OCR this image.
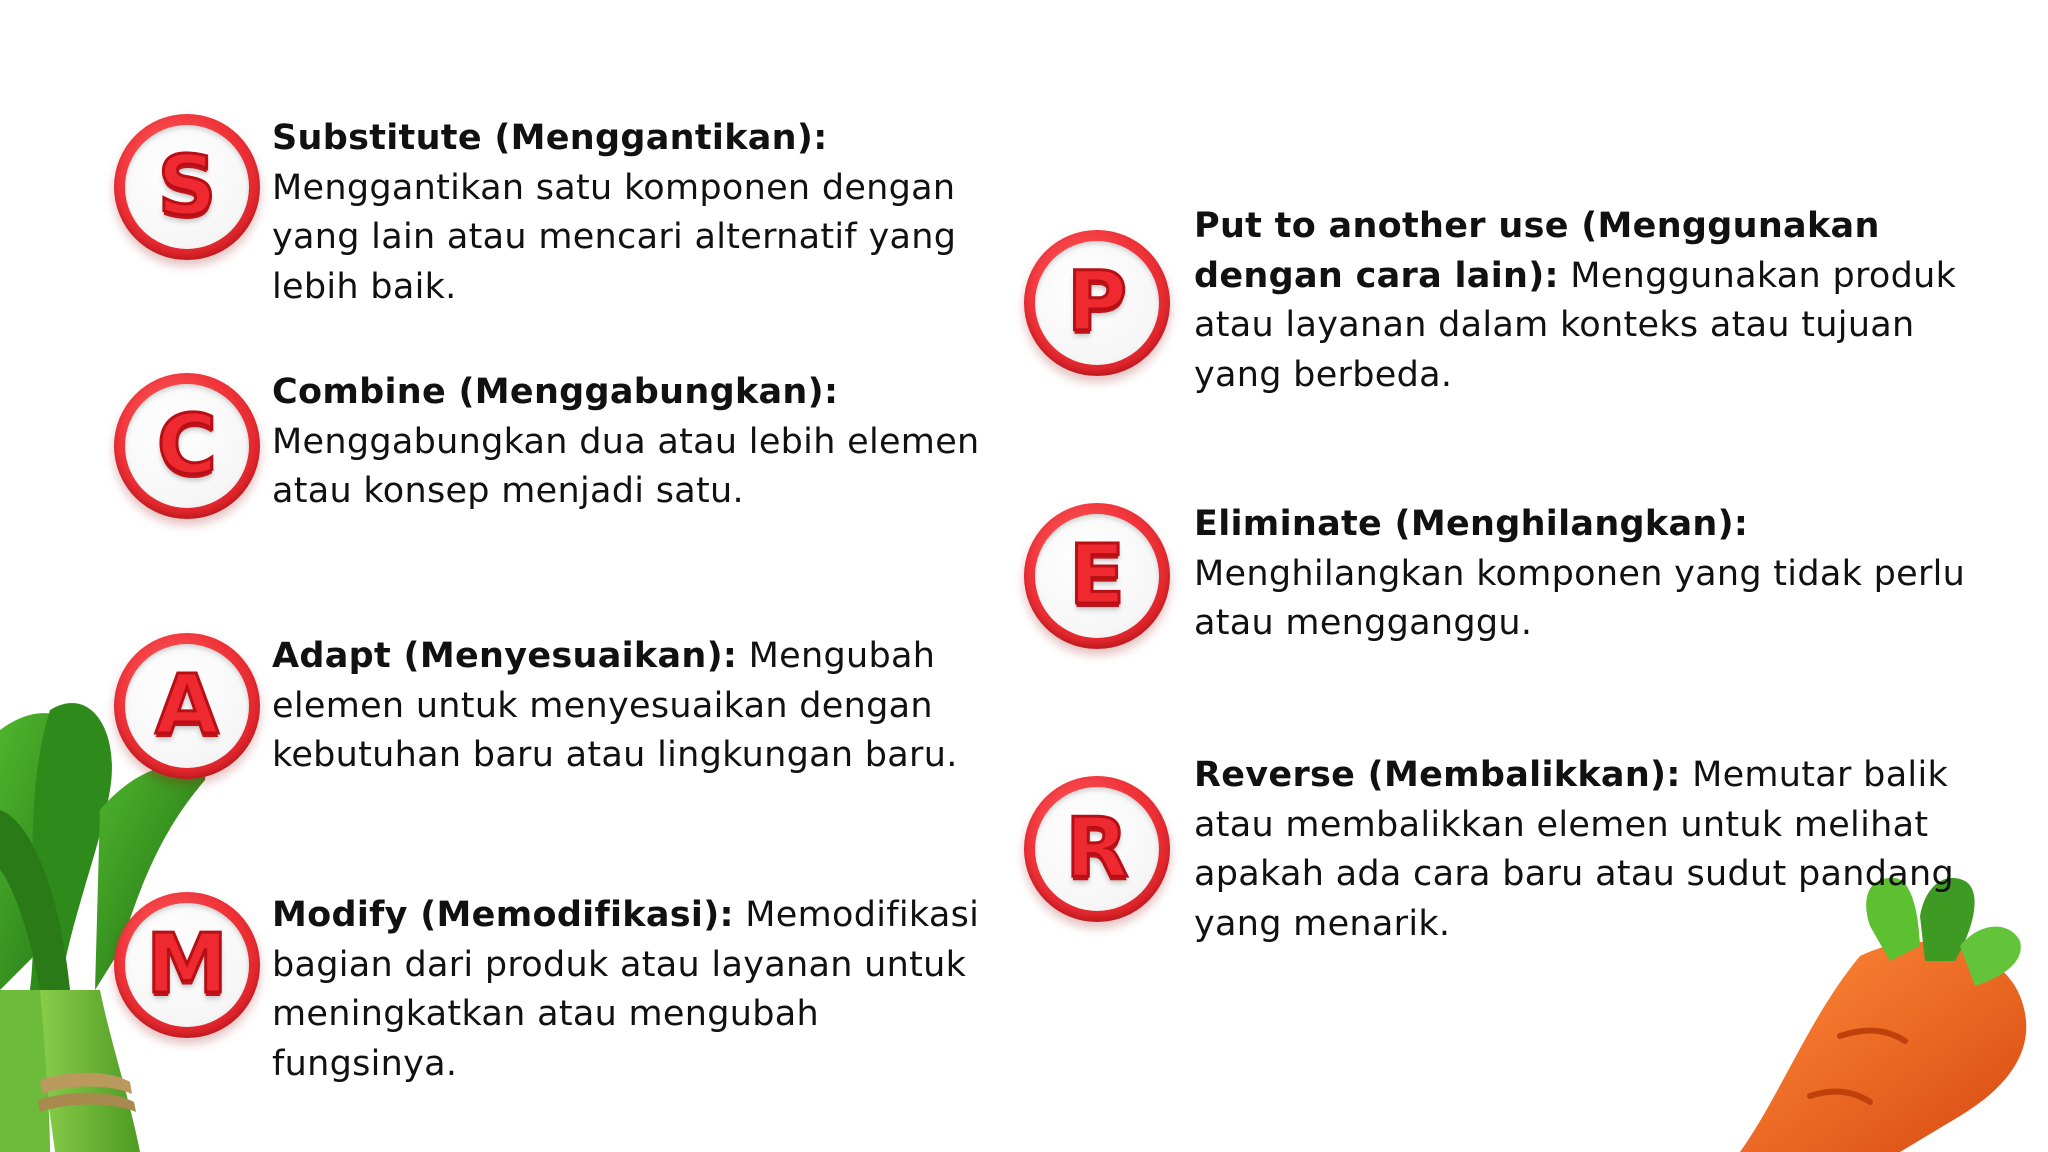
S
Substitute (Menggantikan): Menggantikan satu komponen dengan yang lain atau mencari alternatif yang lebih baik.
C
Combine (Menggabungkan): Menggabungkan dua atau lebih elemen atau konsep menjadi satu.
A
Adapt (Menyesuaikan): Mengubah elemen untuk menyesuaikan dengan kebutuhan baru atau lingkungan baru.
M
Modify (Memodifikasi): Memodifikasi bagian dari produk atau layanan untuk meningkatkan atau mengubah fungsinya.
P
Put to another use (Menggunakan dengan cara lain): Menggunakan produk atau layanan dalam konteks atau tujuan yang berbeda.
E
Eliminate (Menghilangkan): Menghilangkan komponen yang tidak perlu atau mengganggu.
R
Reverse (Membalikkan): Memutar balik atau membalikkan elemen untuk melihat apakah ada cara baru atau sudut pandang yang menarik.
